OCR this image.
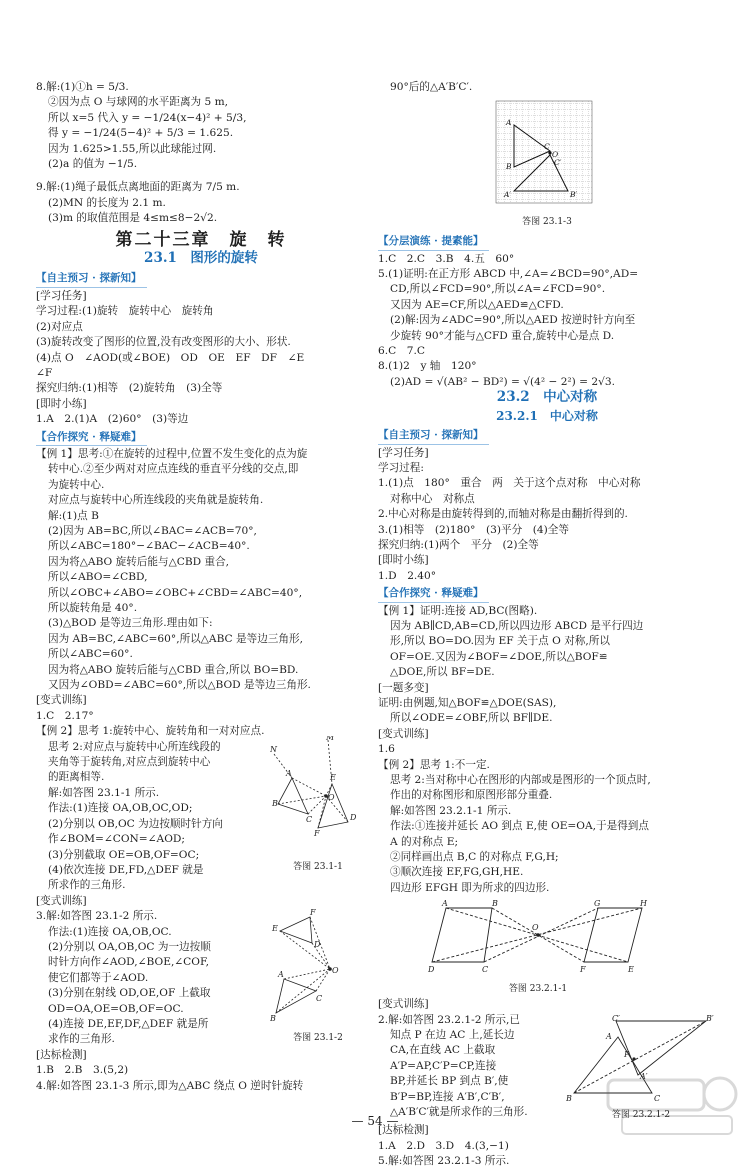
8.解:(1)①h = 5/3.
②因为点 O 与球网的水平距离为 5 m,
所以 x=5 代入 y = −1/24(x−4)² + 5/3,
得 y = −1/24(5−4)² + 5/3 = 1.625.
因为 1.625>1.55,所以此球能过网.
(2)a 的值为 −1/5.
9.解:(1)绳子最低点离地面的距离为 7/5 m.
(2)MN 的长度为 2.1 m.
(3)m 的取值范围是 4≤m≤8−2√2.
第二十三章　旋　转
23.1　图形的旋转
【自主预习 · 探新知】
[学习任务]
学习过程:(1)旋转　旋转中心　旋转角
(2)对应点
(3)旋转改变了图形的位置,没有改变图形的大小、形状.
(4)点 O　∠AOD(或∠BOE)　OD　OE　EF　DF　∠E
∠F
探究归纳:(1)相等　(2)旋转角　(3)全等
[即时小练]
1.A　2.(1)A　(2)60°　(3)等边
【合作探究 · 释疑难】
【例 1】思考:①在旋转的过程中,位置不发生变化的点为旋
转中心.②至少两对对应点连线的垂直平分线的交点,即
为旋转中心.
对应点与旋转中心所连线段的夹角就是旋转角.
解:(1)点 B
(2)因为 AB=BC,所以∠BAC=∠ACB=70°,
所以∠ABC=180°−∠BAC−∠ACB=40°.
因为将△ABO 旋转后能与△CBD 重合,
所以∠ABO=∠CBD,
所以∠OBC+∠ABO=∠OBC+∠CBD=∠ABC=40°,
所以旋转角是 40°.
(3)△BOD 是等边三角形.理由如下:
因为 AB=BC,∠ABC=60°,所以△ABC 是等边三角形,
所以∠ABC=60°.
因为将△ABO 旋转后能与△CBD 重合,所以 BO=BD.
又因为∠OBD=∠ABC=60°,所以△BOD 是等边三角形.
[变式训练]
1.C　2.17°
【例 2】思考 1:旋转中心、旋转角和一对对应点.
思考 2:对应点与旋转中心所连线段的
夹角等于旋转角,对应点到旋转中心
的距离相等.
解:如答图 23.1-1 所示.
作法:(1)连接 OA,OB,OC,OD;
(2)分别以 OB,OC 为边按顺时针方向
作∠BOM=∠CON=∠AOD;
(3)分别截取 OE=OB,OF=OC;
(4)依次连接 DE,FD,△DEF 就是
所求作的三角形.
M
N
E
A
B
C
O
D
F
答图 23.1-1
[变式训练]
3.解:如答图 23.1-2 所示.
作法:(1)连接 OA,OB,OC.
(2)分别以 OA,OB,OC 为一边按顺
时针方向作∠AOD,∠BOE,∠COF,
使它们都等于∠AOD.
(3)分别在射线 OD,OE,OF 上截取
OD=OA,OE=OB,OF=OC.
(4)连接 DE,EF,DF,△DEF 就是所
求作的三角形.
E
F
D
A
B
C
O
答图 23.1-2
[达标检测]
1.B　2.B　3.(5,2)
4.解:如答图 23.1-3 所示,即为△ABC 绕点 O 逆时针旋转
90°后的△A′B′C′.
A
B
C
O
A′	B′
C′
答图 23.1-3
【分层演练 · 提素能】
1.C　2.C　3.B　4.五　60°
5.(1)证明:在正方形 ABCD 中,∠A=∠BCD=90°,AD=
CD,所以∠FCD=90°,所以∠A=∠FCD=90°.
又因为 AE=CF,所以△AED≌△CFD.
(2)解:因为∠ADC=90°,所以△AED 按逆时针方向至
少旋转 90°才能与△CFD 重合,旋转中心是点 D.
6.C　7.C
8.(1)2　y 轴　120°
(2)AD = √(AB² − BD²) = √(4² − 2²) = 2√3.
23.2　中心对称
23.2.1　中心对称
【自主预习 · 探新知】
[学习任务]
学习过程:
1.(1)点　180°　重合　两　关于这个点对称　中心对称
对称中心　对称点
2.中心对称是由旋转得到的,而轴对称是由翻折得到的.
3.(1)相等　(2)180°　(3)平分　(4)全等
探究归纳:(1)两个　平分　(2)全等
[即时小练]
1.D　2.40°
【合作探究 · 释疑难】
【例 1】证明:连接 AD,BC(图略).
因为 AB∥CD,AB=CD,所以四边形 ABCD 是平行四边
形,所以 BO=DO.因为 EF 关于点 O 对称,所以
OF=OE.又因为∠BOF=∠DOE,所以△BOF≌
△DOE,所以 BF=DE.
[一题多变]
证明:由例题,知△BOF≌△DOE(SAS),
所以∠ODE=∠OBF,所以 BF∥DE.
[变式训练]
1.6
【例 2】思考 1:不一定.
思考 2:当对称中心在图形的内部或是图形的一个顶点时,
作出的对称图形和原图形部分重叠.
解:如答图 23.2.1-1 所示.
作法:①连接并延长 AO 到点 E,使 OE=OA,于是得到点
A 的对称点 E;
②同样画出点 B,C 的对称点 F,G,H;
③顺次连接 EF,FG,GH,HE.
四边形 EFGH 即为所求的四边形.
A	B
D	C
O
G	H
F	E
答图 23.2.1-1
[变式训练]
2.解:如答图 23.2.1-2 所示,已
知点 P 在边 AC 上,延长边
CA,在直线 AC 上截取
A′P=AP,C′P=CP,连接
BP,并延长 BP 到点 B′,使
B′P=BP,连接 A′B′,C′B′,
△A′B′C′就是所求作的三角形.
B
A
C
P
C′	B′
A′
答图 23.2.1-2
[达标检测]
1.A　2.D　3.D　4.(3,−1)
5.解:如答图 23.2.1-3 所示.
— 54 —
